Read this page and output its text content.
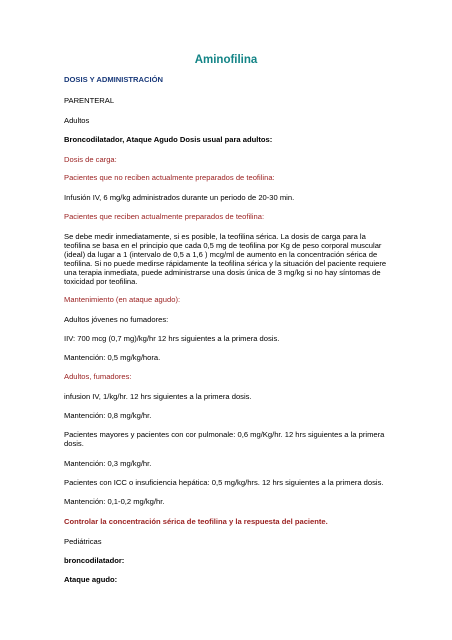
Aminofilina

DOSIS Y ADMINISTRACIÓN

PARENTERAL

Adultos

Broncodilatador, Ataque Agudo Dosis usual para adultos:

Dosis de carga:

Pacientes que no reciben actualmente preparados de teofilina:

Infusión IV, 6 mg/kg administrados durante un periodo de 20-30 min.

Pacientes que reciben actualmente preparados de teofilina:

Se debe medir inmediatamente, si es posible, la teofilina sérica. La dosis de carga para la teofilina se basa en el principio que cada 0,5 mg de teofilina por Kg de peso corporal muscular (ideal) da lugar a 1 (intervalo de 0,5 a 1,6 ) mcg/ml de aumento en la concentración sérica de teofilina. Si no puede medirse rápidamente la teofilina sérica y la situación del paciente requiere una terapia inmediata, puede administrarse una dosis única de 3 mg/kg si no hay síntomas de toxicidad por teofilina.

Mantenimiento (en ataque agudo):

Adultos jóvenes no fumadores:

IIV: 700 mcg (0,7 mg)/kg/hr 12 hrs siguientes a la primera dosis.

Mantención: 0,5 mg/kg/hora.

Adultos, fumadores:

infusion IV, 1/kg/hr. 12 hrs siguientes a la primera dosis.

Mantención: 0,8 mg/kg/hr.

Pacientes mayores y pacientes con cor pulmonale: 0,6 mg/Kg/hr. 12 hrs siguientes a la primera dosis.

Mantención: 0,3 mg/kg/hr.

Pacientes con ICC o insuficiencia hepática: 0,5 mg/kg/hrs. 12 hrs siguientes a la primera dosis.

Mantención: 0,1-0,2 mg/kg/hr.

Controlar la concentración sérica de teofilina y la respuesta del paciente.

Pediátricas

broncodilatador:

Ataque agudo:
